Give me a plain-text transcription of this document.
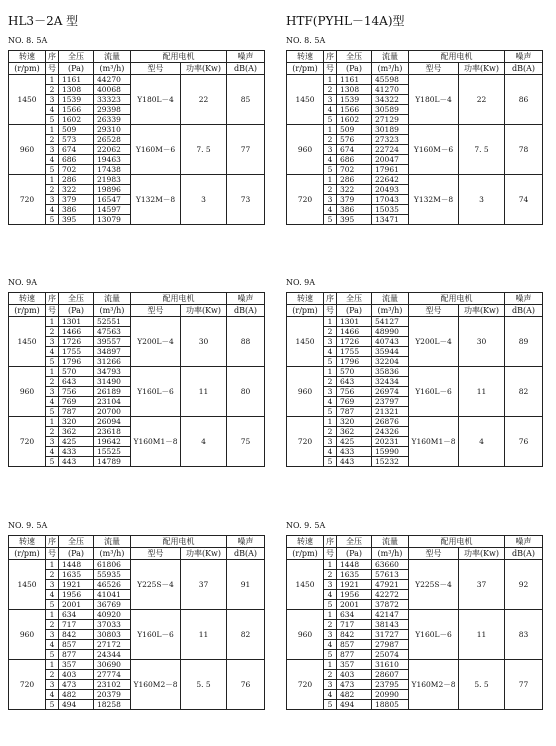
HL3－2A 型	HTF(PYHL－14A)型
NO. 8. 5A
转速	序	全压	流量	配用电机		噪声
(r/pm)	号	(Pa)	(m³/h)	型号	功率(Kw)	dB(A)
1450	1	1161	44270	Y180L－4	22	85
	2	1308	40068			
	3	1539	33323			
	4	1566	29398			
	5	1602	26339			
960	1	509	29310	Y160M－6	7. 5	77
	2	573	26528			
	3	674	22062			
	4	686	19463			
	5	702	17438			
720	1	286	21983	Y132M－8	3	73
	2	322	19896			
	3	379	16547			
	4	386	14597			
	5	395	13079			
NO. 8. 5A
转速	序	全压	流量	配用电机		噪声
(r/pm)	号	(Pa)	(m³/h)	型号	功率(Kw)	dB(A)
1450	1	1161	45598	Y180L－4	22	86
	2	1308	41270			
	3	1539	34322			
	4	1566	30589			
	5	1602	27129			
960	1	509	30189	Y160M－6	7. 5	78
	2	576	27323			
	3	674	22724			
	4	686	20047			
	5	702	17961			
720	1	286	22642	Y132M－8	3	74
	2	322	20493			
	3	379	17043			
	4	386	15035			
	5	395	13471			
NO. 9A
转速	序	全压	流量	配用电机		噪声
(r/pm)	号	(Pa)	(m³/h)	型号	功率(Kw)	dB(A)
1450	1	1301	52551	Y200L－4	30	88
	2	1466	47563			
	3	1726	39557			
	4	1755	34897			
	5	1796	31266			
960	1	570	34793	Y160L－6	11	80
	2	643	31490			
	3	756	26189			
	4	769	23104			
	5	787	20700			
720	1	320	26094	Y160M1－8	4	75
	2	362	23618			
	3	425	19642			
	4	433	15525			
	5	443	14789			
NO. 9A
转速	序	全压	流量	配用电机		噪声
(r/pm)	号	(Pa)	(m³/h)	型号	功率(Kw)	dB(A)
1450	1	1301	54127	Y200L－4	30	89
	2	1466	48990			
	3	1726	40743			
	4	1755	35944			
	5	1796	32204			
960	1	570	35836	Y160L－6	11	82
	2	643	32434			
	3	756	26974			
	4	769	23797			
	5	787	21321			
720	1	320	26876	Y160M1－8	4	76
	2	362	24326			
	3	425	20231			
	4	433	15990			
	5	443	15232			
NO. 9. 5A
转速	序	全压	流量	配用电机		噪声
(r/pm)	号	(Pa)	(m³/h)	型号	功率(Kw)	dB(A)
1450	1	1448	61806	Y225S－4	37	91
	2	1635	55935			
	3	1921	46526			
	4	1956	41041			
	5	2001	36769			
960	1	634	40920	Y160L－6	11	82
	2	717	37033			
	3	842	30803			
	4	857	27172			
	5	877	24344			
720	1	357	30690	Y160M2－8	5. 5	76
	2	403	27774			
	3	473	23102			
	4	482	20379			
	5	494	18258			
NO. 9. 5A
转速	序	全压	流量	配用电机		噪声
(r/pm)	号	(Pa)	(m³/h)	型号	功率(Kw)	dB(A)
1450	1	1448	63660	Y225S－4	37	92
	2	1635	57613			
	3	1921	47921			
	4	1956	42272			
	5	2001	37872			
960	1	634	42147	Y160L－6	11	83
	2	717	38143			
	3	842	31727			
	4	857	27987			
	5	877	25074			
720	1	357	31610	Y160M2－8	5. 5	77
	2	403	28607			
	3	473	23795			
	4	482	20990			
	5	494	18805			
